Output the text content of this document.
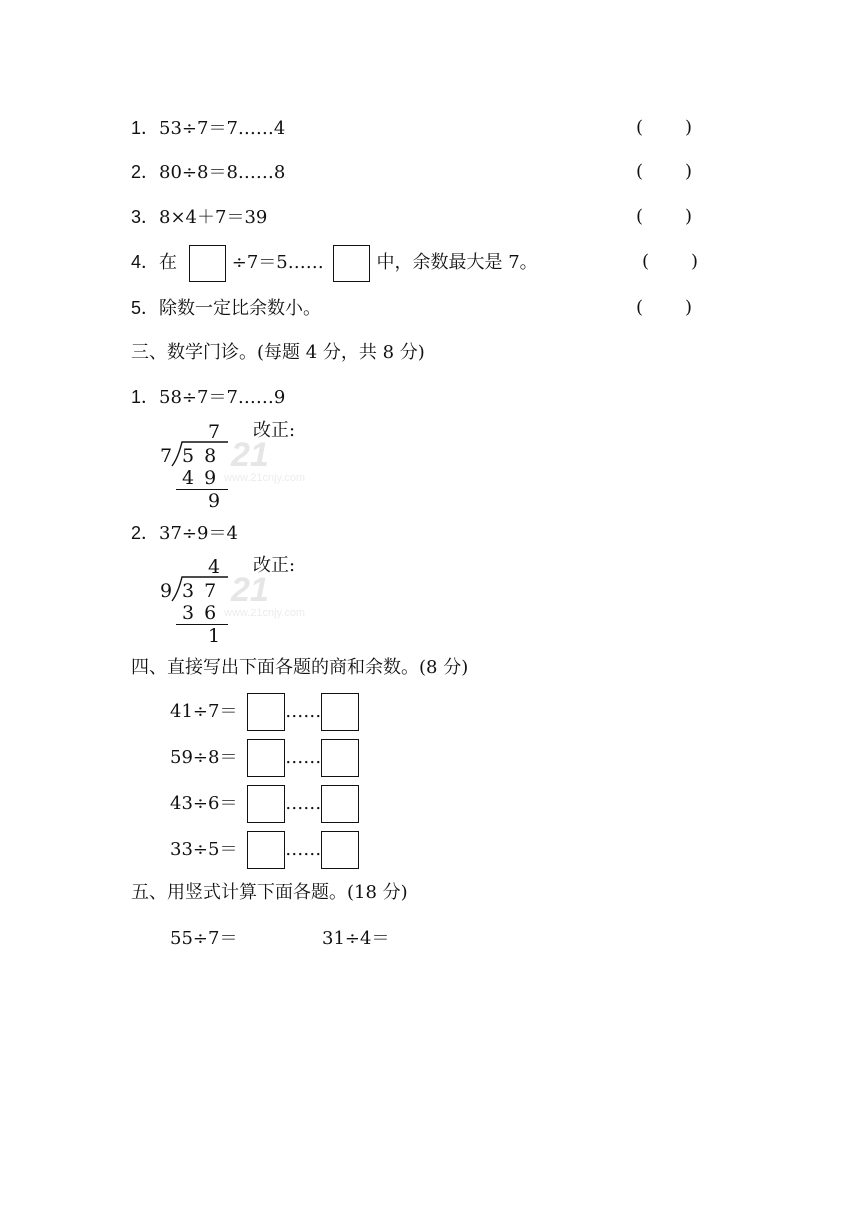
1．53÷7＝7……4	( )
2．80÷8＝8……8	( )
3．8×4＋7＝39	( )
4．在	÷7＝5……	中，余数最大是 7。	( )
5．除数一定比余数小。	( )
三、数学门诊。(每题 4 分，共 8 分)
1．58÷7＝7……9
21
www.21cnjy.com
7
7 5 8
4 9
9
改正:
2．37÷9＝4
21
www.21cnjy.com
4
9 3 7
3 6
1
改正:
四、直接写出下面各题的商和余数。(8 分)
41÷7＝	……
59÷8＝	……
43÷6＝	……
33÷5＝	……
五、用竖式计算下面各题。(18 分)
55÷7＝	31÷4＝
